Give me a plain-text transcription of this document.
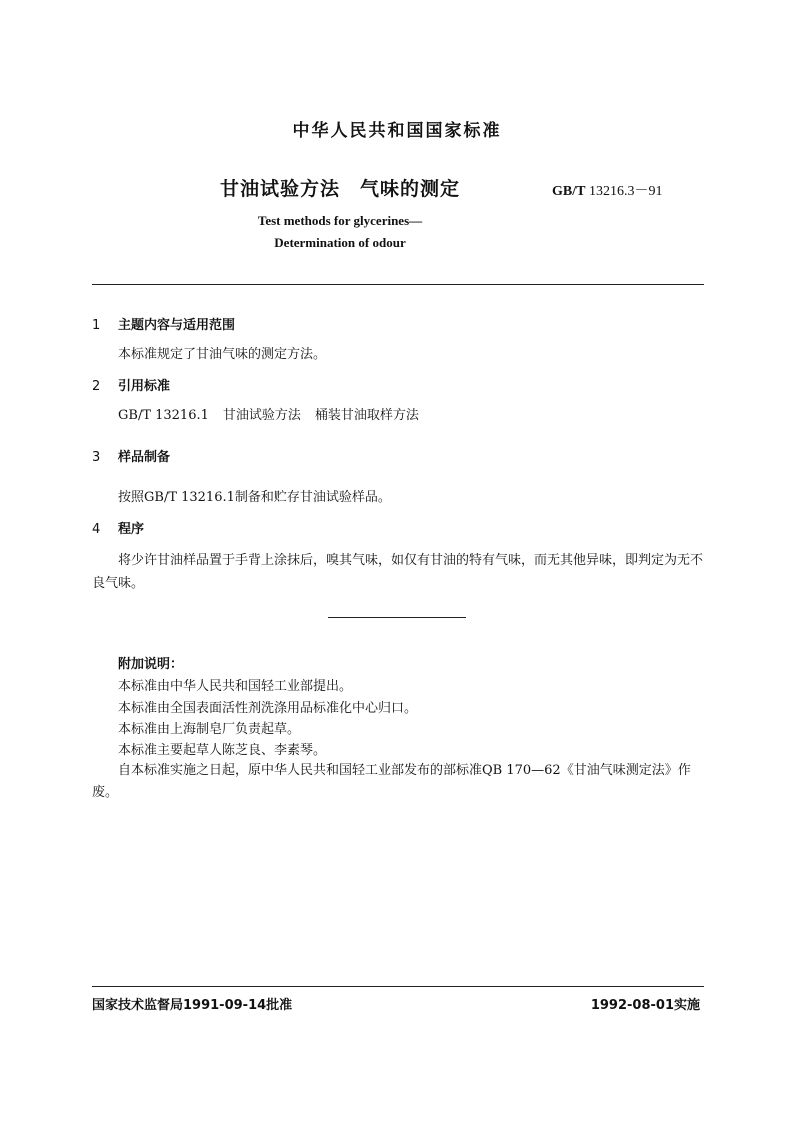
中华人民共和国国家标准
甘油试验方法　气味的测定	GB/T 13216.3－91
Test methods for glycerines—
Determination of odour
1 主题内容与适用范围
本标准规定了甘油气味的测定方法。
2 引用标准
GB/T 13216.1 甘油试验方法 桶装甘油取样方法
3 样品制备
按照GB/T 13216.1制备和贮存甘油试验样品。
4 程序
将少许甘油样品置于手背上涂抹后，嗅其气味，如仅有甘油的特有气味，而无其他异味，即判定为无不良气味。
附加说明：
本标准由中华人民共和国轻工业部提出。
本标准由全国表面活性剂洗涤用品标准化中心归口。
本标准由上海制皂厂负责起草。
本标准主要起草人陈芝良、李素琴。
自本标准实施之日起，原中华人民共和国轻工业部发布的部标准QB 170—62《甘油气味测定法》作废。
国家技术监督局1991-09-14批准	1992-08-01实施
